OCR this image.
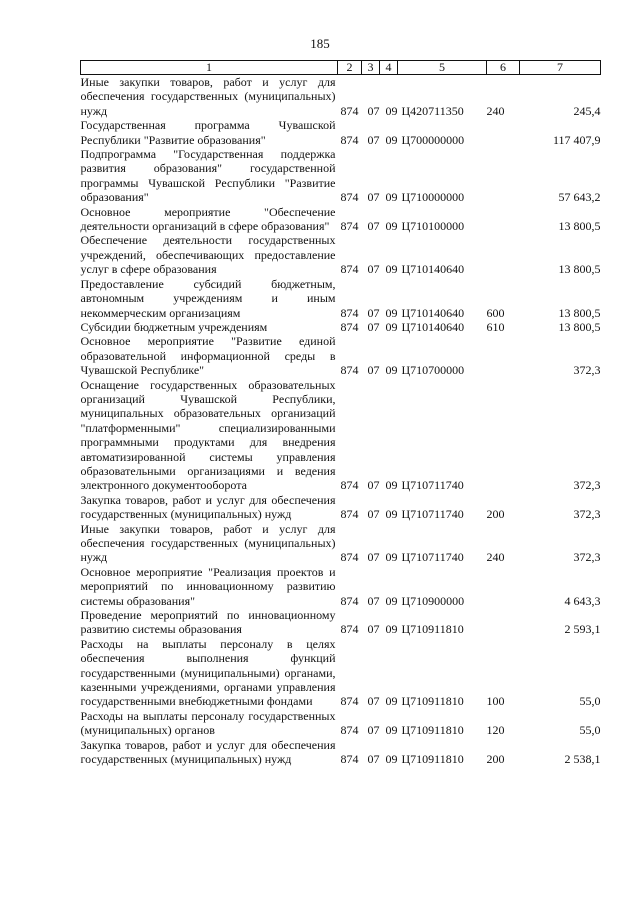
185
1	2	3	4	5	6	7
Иные закупки товаров, работ и услуг для обеспечения государственных (муниципальных) нужд	874	07	09	Ц420711350	240	245,4
Государственная программа Чувашской Республики "Развитие образования"	874	07	09	Ц700000000		117 407,9
Подпрограмма "Государственная поддержка развития образования" государственной программы Чувашской Республики "Развитие образования"	874	07	09	Ц710000000		57 643,2
Основное мероприятие "Обеспечение деятельности организаций в сфере образования"	874	07	09	Ц710100000		13 800,5
Обеспечение деятельности государственных учреждений, обеспечивающих предоставление услуг в сфере образования	874	07	09	Ц710140640		13 800,5
Предоставление субсидий бюджетным, автономным учреждениям и иным некоммерческим организациям	874	07	09	Ц710140640	600	13 800,5
Субсидии бюджетным учреждениям	874	07	09	Ц710140640	610	13 800,5
Основное мероприятие "Развитие единой образовательной информационной среды в Чувашской Республике"	874	07	09	Ц710700000		372,3
Оснащение государственных образовательных организаций Чувашской Республики, муниципальных образовательных организаций "платформенными" специализированными программными продуктами для внедрения автоматизированной системы управления образовательными организациями и ведения электронного документооборота	874	07	09	Ц710711740		372,3
Закупка товаров, работ и услуг для обеспечения государственных (муниципальных) нужд	874	07	09	Ц710711740	200	372,3
Иные закупки товаров, работ и услуг для обеспечения государственных (муниципальных) нужд	874	07	09	Ц710711740	240	372,3
Основное мероприятие "Реализация проектов и мероприятий по инновационному развитию системы образования"	874	07	09	Ц710900000		4 643,3
Проведение мероприятий по инновационному развитию системы образования	874	07	09	Ц710911810		2 593,1
Расходы на выплаты персоналу в целях обеспечения выполнения функций государственными (муниципальными) органами, казенными учреждениями, органами управления государственными внебюджетными фондами	874	07	09	Ц710911810	100	55,0
Расходы на выплаты персоналу государственных (муниципальных) органов	874	07	09	Ц710911810	120	55,0
Закупка товаров, работ и услуг для обеспечения государственных (муниципальных) нужд	874	07	09	Ц710911810	200	2 538,1
